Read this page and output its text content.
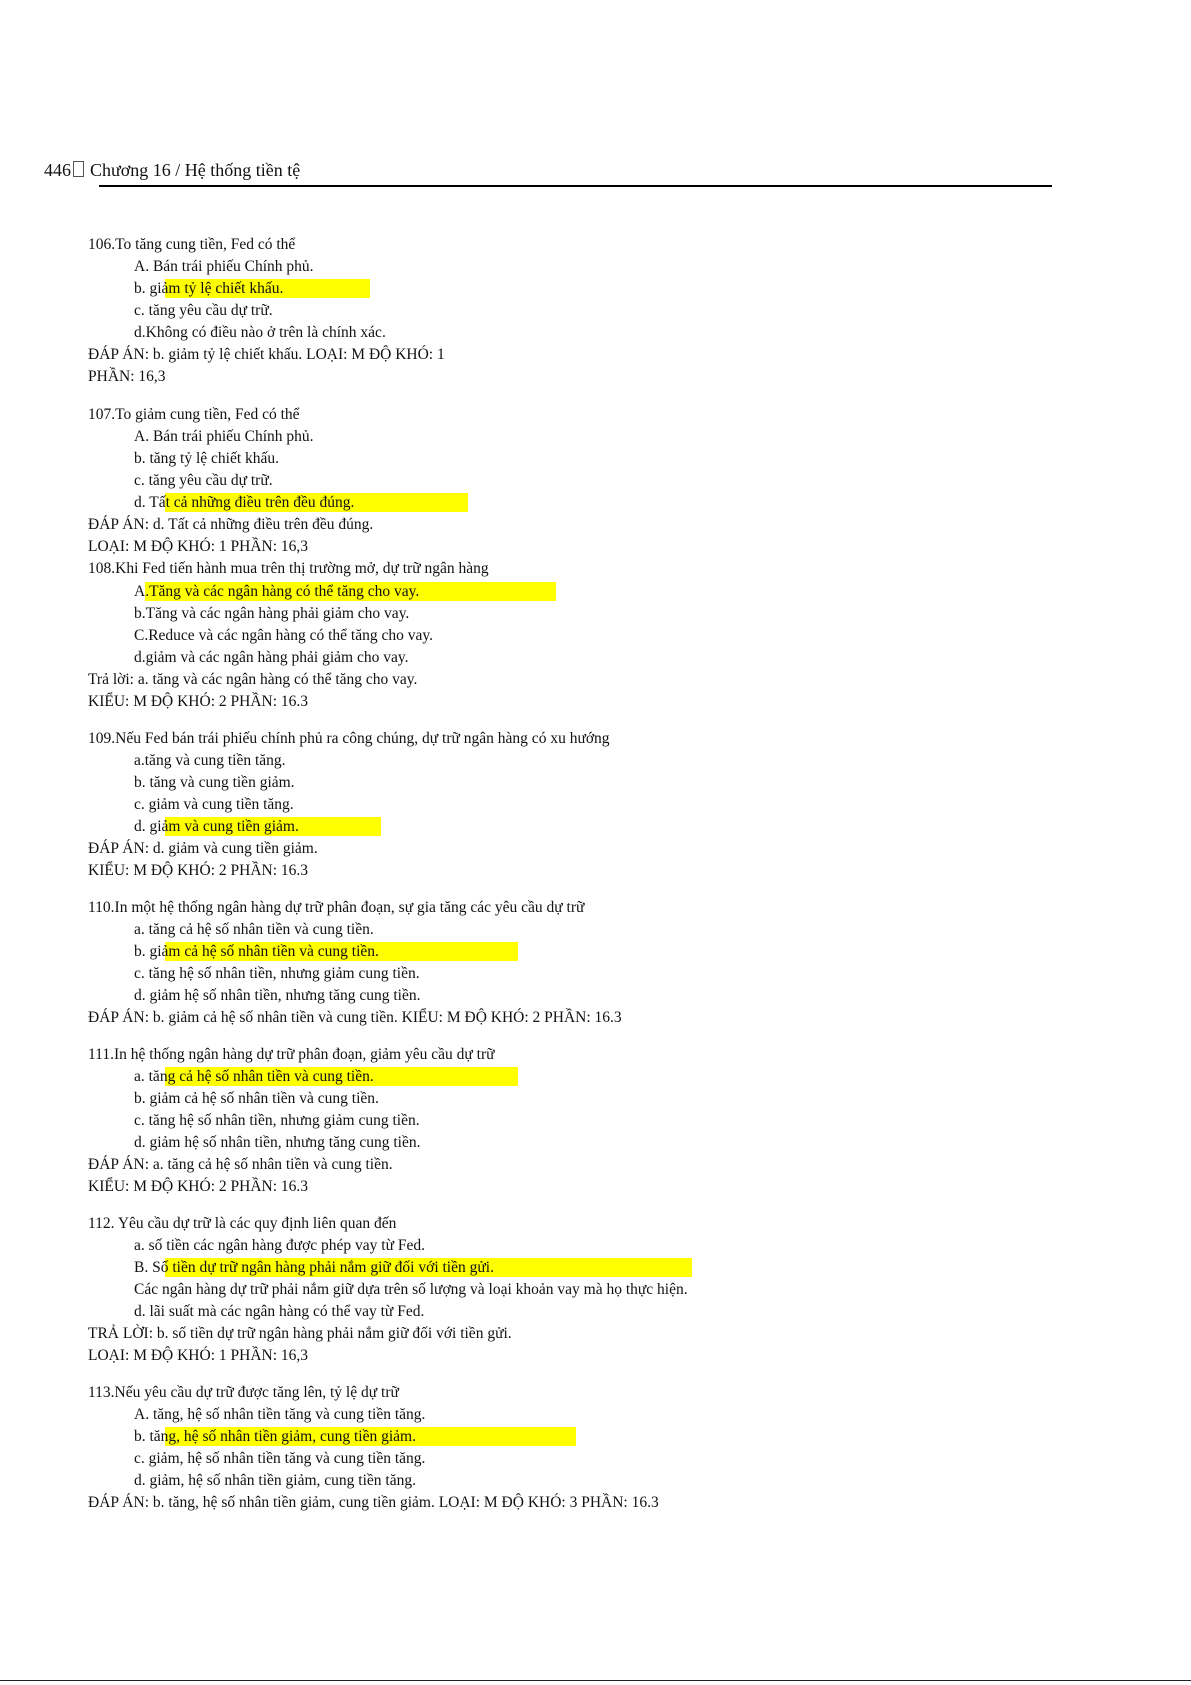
446 Chương 16 / Hệ thống tiền tệ
106.To tăng cung tiền, Fed có thể
A. Bán trái phiếu Chính phủ.
b. giảm tỷ lệ chiết khấu.
c. tăng yêu cầu dự trữ.
d.Không có điều nào ở trên là chính xác.
ĐÁP ÁN: b. giảm tỷ lệ chiết khấu. LOẠI: M ĐỘ KHÓ: 1
PHẦN: 16,3
107.To giảm cung tiền, Fed có thể
A. Bán trái phiếu Chính phủ.
b. tăng tỷ lệ chiết khấu.
c. tăng yêu cầu dự trữ.
d. Tất cả những điều trên đều đúng.
ĐÁP ÁN: d. Tất cả những điều trên đều đúng.
LOẠI: M ĐỘ KHÓ: 1 PHẦN: 16,3
108.Khi Fed tiến hành mua trên thị trường mở, dự trữ ngân hàng
A.Tăng và các ngân hàng có thể tăng cho vay.
b.Tăng và các ngân hàng phải giảm cho vay.
C.Reduce và các ngân hàng có thể tăng cho vay.
d.giảm và các ngân hàng phải giảm cho vay.
Trả lời: a. tăng và các ngân hàng có thể tăng cho vay.
KIỂU: M ĐỘ KHÓ: 2 PHẦN: 16.3
109.Nếu Fed bán trái phiếu chính phủ ra công chúng, dự trữ ngân hàng có xu hướng
a.tăng và cung tiền tăng.
b. tăng và cung tiền giảm.
c. giảm và cung tiền tăng.
d. giảm và cung tiền giảm.
ĐÁP ÁN: d. giảm và cung tiền giảm.
KIỂU: M ĐỘ KHÓ: 2 PHẦN: 16.3
110.In một hệ thống ngân hàng dự trữ phân đoạn, sự gia tăng các yêu cầu dự trữ
a. tăng cả hệ số nhân tiền và cung tiền.
b. giảm cả hệ số nhân tiền và cung tiền.
c. tăng hệ số nhân tiền, nhưng giảm cung tiền.
d. giảm hệ số nhân tiền, nhưng tăng cung tiền.
ĐÁP ÁN: b. giảm cả hệ số nhân tiền và cung tiền. KIỂU: M ĐỘ KHÓ: 2 PHẦN: 16.3
111.In hệ thống ngân hàng dự trữ phân đoạn, giảm yêu cầu dự trữ
a. tăng cả hệ số nhân tiền và cung tiền.
b. giảm cả hệ số nhân tiền và cung tiền.
c. tăng hệ số nhân tiền, nhưng giảm cung tiền.
d. giảm hệ số nhân tiền, nhưng tăng cung tiền.
ĐÁP ÁN: a. tăng cả hệ số nhân tiền và cung tiền.
KIỂU: M ĐỘ KHÓ: 2 PHẦN: 16.3
112. Yêu cầu dự trữ là các quy định liên quan đến
a. số tiền các ngân hàng được phép vay từ Fed.
B. Số tiền dự trữ ngân hàng phải nắm giữ đối với tiền gửi.
Các ngân hàng dự trữ phải nắm giữ dựa trên số lượng và loại khoản vay mà họ thực hiện.
d. lãi suất mà các ngân hàng có thể vay từ Fed.
TRẢ LỜI: b. số tiền dự trữ ngân hàng phải nắm giữ đối với tiền gửi.
LOẠI: M ĐỘ KHÓ: 1 PHẦN: 16,3
113.Nếu yêu cầu dự trữ được tăng lên, tỷ lệ dự trữ
A. tăng, hệ số nhân tiền tăng và cung tiền tăng.
b. tăng, hệ số nhân tiền giảm, cung tiền giảm.
c. giảm, hệ số nhân tiền tăng và cung tiền tăng.
d. giảm, hệ số nhân tiền giảm, cung tiền tăng.
ĐÁP ÁN: b. tăng, hệ số nhân tiền giảm, cung tiền giảm. LOẠI: M ĐỘ KHÓ: 3 PHẦN: 16.3
